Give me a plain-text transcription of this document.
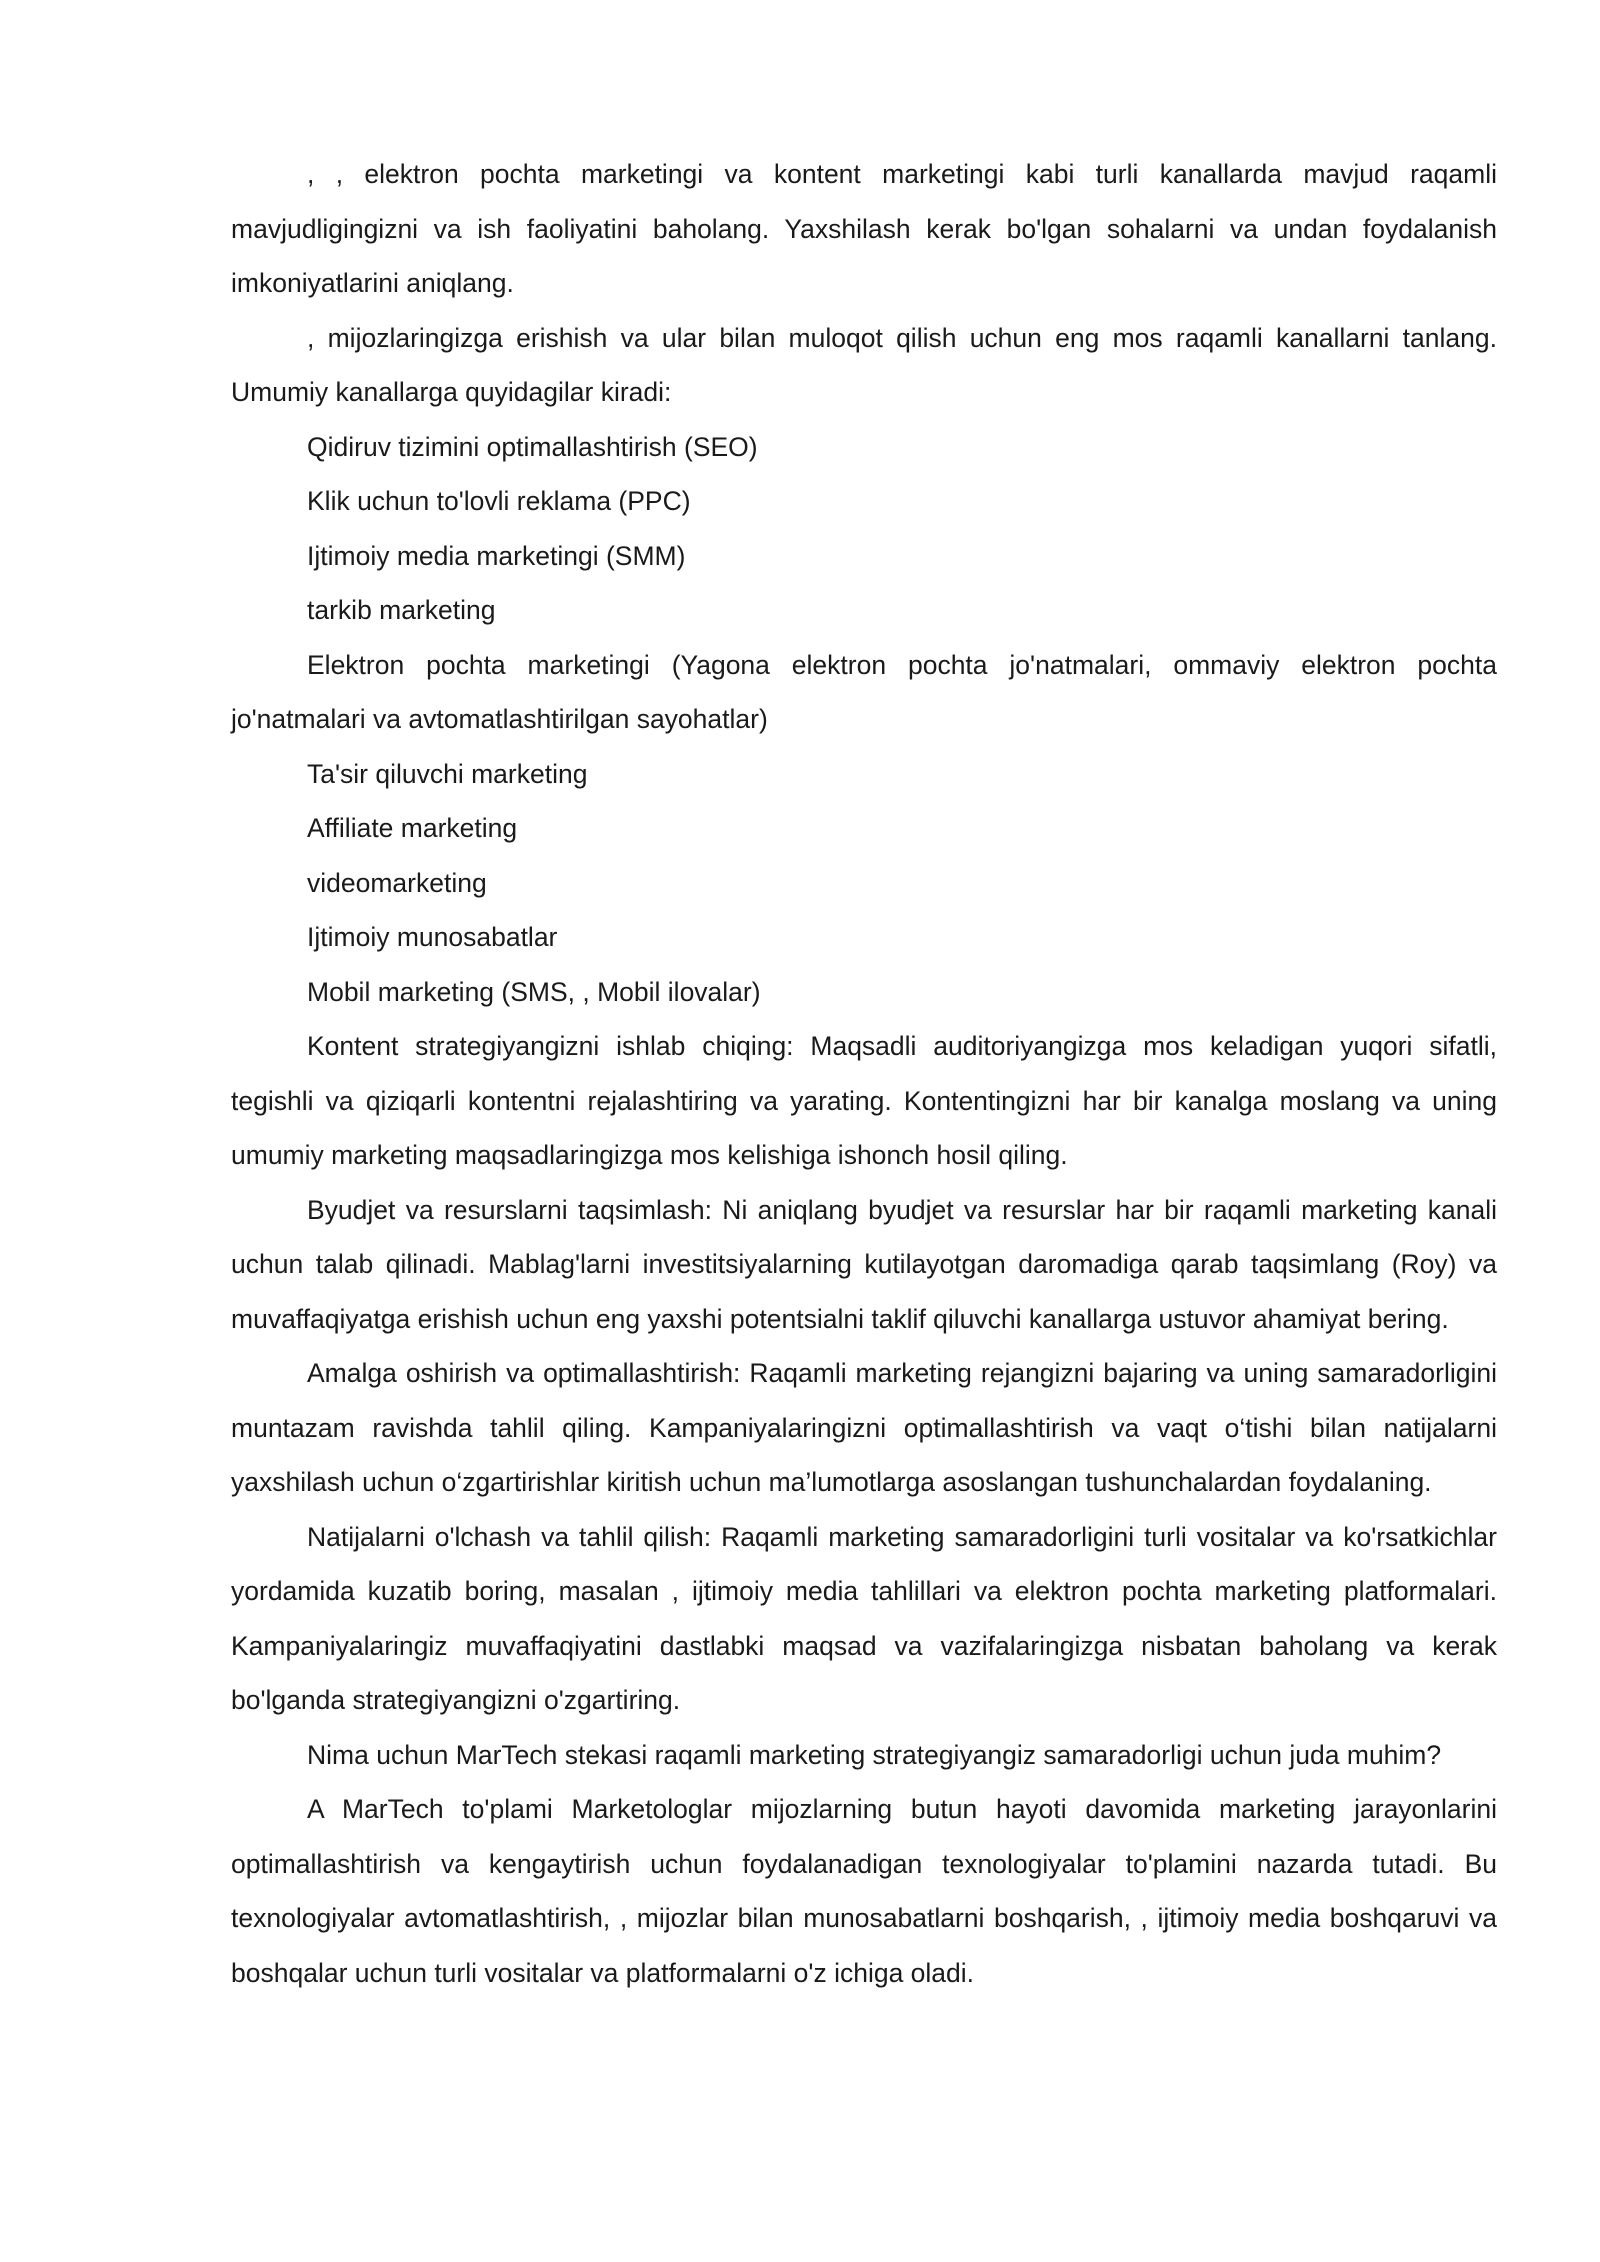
, , elektron pochta marketingi va kontent marketingi kabi turli kanallarda mavjud raqamli mavjudligingizni va ish faoliyatini baholang. Yaxshilash kerak bo'lgan sohalarni va undan foydalanish imkoniyatlarini aniqlang.

, mijozlaringizga erishish va ular bilan muloqot qilish uchun eng mos raqamli kanallarni tanlang. Umumiy kanallarga quyidagilar kiradi:

Qidiruv tizimini optimallashtirish (SEO)

Klik uchun to'lovli reklama (PPC)

Ijtimoiy media marketingi (SMM)

tarkib marketing

Elektron pochta marketingi (Yagona elektron pochta jo'natmalari, ommaviy elektron pochta jo'natmalari va avtomatlashtirilgan sayohatlar)

Ta'sir qiluvchi marketing

Affiliate marketing

videomarketing

Ijtimoiy munosabatlar

Mobil marketing (SMS, , Mobil ilovalar)

Kontent strategiyangizni ishlab chiqing: Maqsadli auditoriyangizga mos keladigan yuqori sifatli, tegishli va qiziqarli kontentni rejalashtiring va yarating. Kontentingizni har bir kanalga moslang va uning umumiy marketing maqsadlaringizga mos kelishiga ishonch hosil qiling.

Byudjet va resurslarni taqsimlash: Ni aniqlang byudjet va resurslar har bir raqamli marketing kanali uchun talab qilinadi. Mablag'larni investitsiyalarning kutilayotgan daromadiga qarab taqsimlang (Roy) va muvaffaqiyatga erishish uchun eng yaxshi potentsialni taklif qiluvchi kanallarga ustuvor ahamiyat bering.

Amalga oshirish va optimallashtirish: Raqamli marketing rejangizni bajaring va uning samaradorligini muntazam ravishda tahlil qiling. Kampaniyalaringizni optimallashtirish va vaqt o‘tishi bilan natijalarni yaxshilash uchun o‘zgartirishlar kiritish uchun ma’lumotlarga asoslangan tushunchalardan foydalaning.

Natijalarni o'lchash va tahlil qilish: Raqamli marketing samaradorligini turli vositalar va ko'rsatkichlar yordamida kuzatib boring, masalan , ijtimoiy media tahlillari va elektron pochta marketing platformalari. Kampaniyalaringiz muvaffaqiyatini dastlabki maqsad va vazifalaringizga nisbatan baholang va kerak bo'lganda strategiyangizni o'zgartiring.

Nima uchun MarTech stekasi raqamli marketing strategiyangiz samaradorligi uchun juda muhim?

A MarTech to'plami Marketologlar mijozlarning butun hayoti davomida marketing jarayonlarini optimallashtirish va kengaytirish uchun foydalanadigan texnologiyalar to'plamini nazarda tutadi. Bu texnologiyalar avtomatlashtirish, , mijozlar bilan munosabatlarni boshqarish, , ijtimoiy media boshqaruvi va boshqalar uchun turli vositalar va platformalarni o'z ichiga oladi.
